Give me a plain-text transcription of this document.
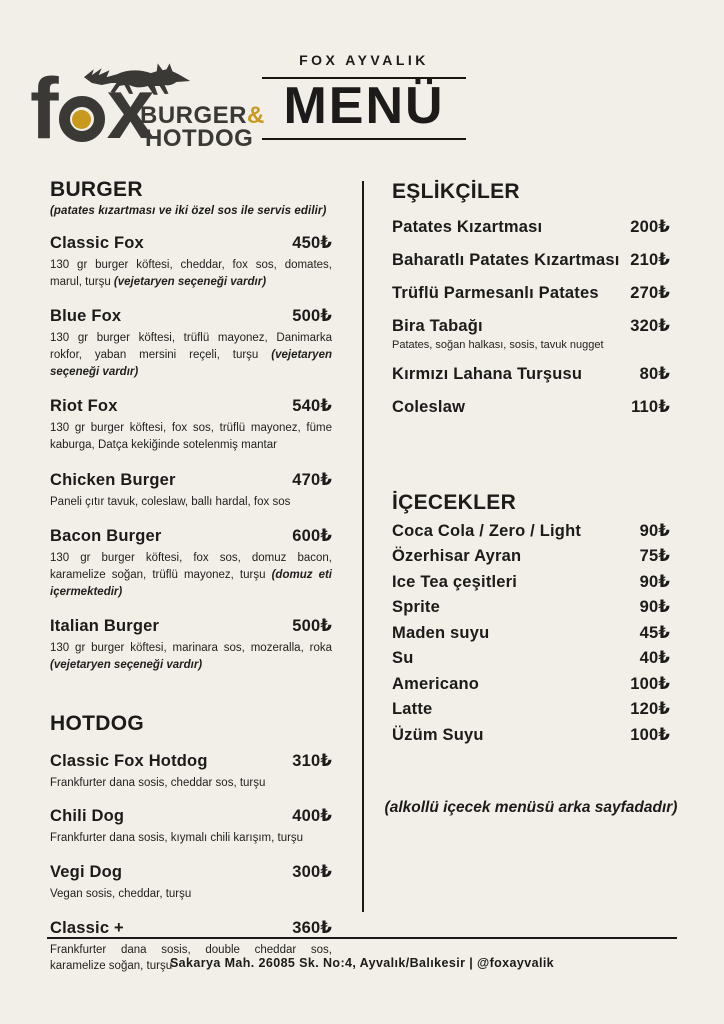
f x
BURGER&
HOTDOG
FOX AYVALIK
MENÜ
BURGER
(patates kızartması ve iki özel sos ile servis edilir)
Classic Fox	450₺

130 gr burger köftesi, cheddar, fox sos, domates, marul, turşu (vejetaryen seçeneği vardır)

Blue Fox	500₺

130 gr burger köftesi, trüflü mayonez, Danimarka rokfor, yaban mersini reçeli, turşu (vejetaryen seçeneği vardır)

Riot Fox	540₺

130 gr burger köftesi, fox sos, trüflü mayonez, füme kaburga, Datça kekiğinde sotelenmiş mantar

Chicken Burger	470₺

Paneli çıtır tavuk, coleslaw, ballı hardal, fox sos

Bacon Burger	600₺

130 gr burger köftesi, fox sos, domuz bacon, karamelize soğan, trüflü mayonez, turşu (domuz eti içermektedir)

Italian Burger	500₺

130 gr burger köftesi, marinara sos, mozeralla, roka (vejetaryen seçeneği vardır)

HOTDOG
Classic Fox Hotdog	310₺

Frankfurter dana sosis, cheddar sos, turşu

Chili Dog	400₺

Frankfurter dana sosis, kıymalı chili karışım, turşu

Vegi Dog	300₺

Vegan sosis, cheddar, turşu

Classic +	360₺

Frankfurter dana sosis, double cheddar sos, karamelize soğan, turşu

EŞLİKÇİLER
Patates Kızartması	200₺
Baharatlı Patates Kızartması 210₺
Trüflü Parmesanlı Patates 270₺
Bira Tabağı	320₺
Patates, soğan halkası, sosis, tavuk nugget
Kırmızı Lahana Turşusu	80₺
Coleslaw	110₺
İÇECEKLER
Coca Cola / Zero / Light	90₺
Özerhisar Ayran	75₺
Ice Tea çeşitleri	90₺
Sprite	90₺
Maden suyu	45₺
Su	40₺
Americano	100₺
Latte	120₺
Üzüm Suyu	100₺
(alkollü içecek menüsü arka sayfadadır)
Sakarya Mah. 26085 Sk. No:4, Ayvalık/Balıkesir | @foxayvalik
